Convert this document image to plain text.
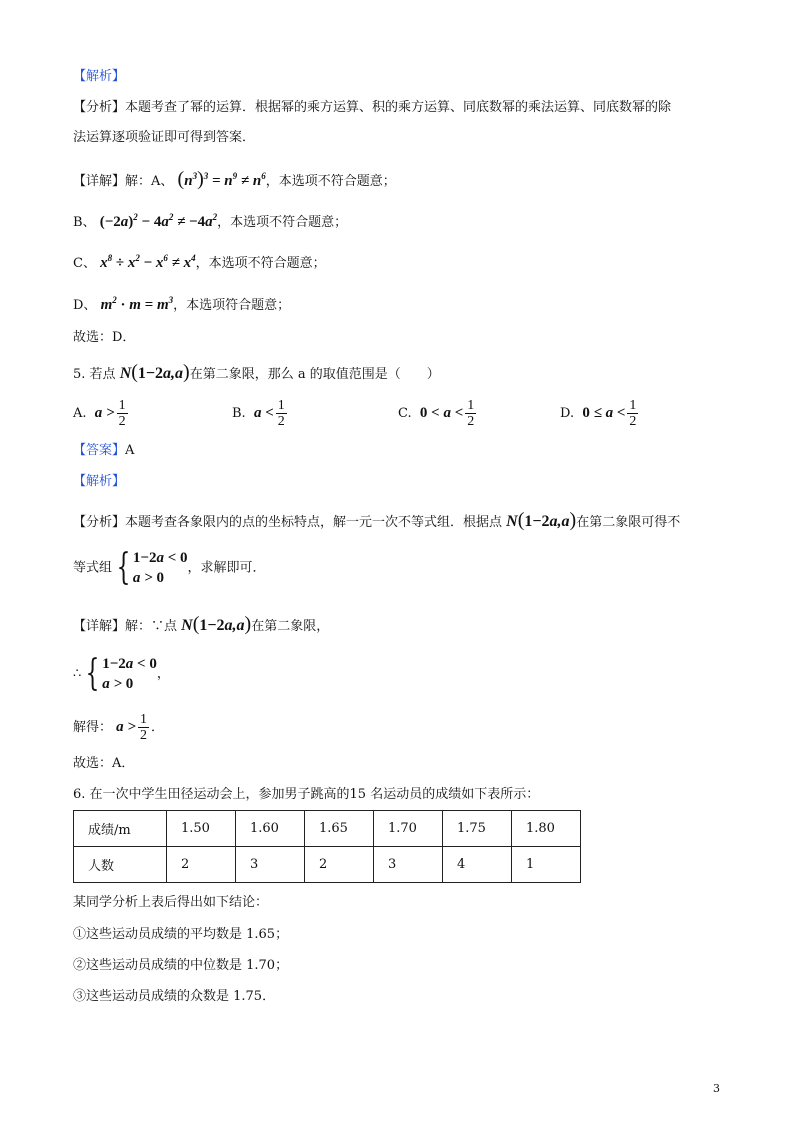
【解析】
【分析】本题考查了幂的运算．根据幂的乘方运算、积的乘方运算、同底数幂的乘法运算、同底数幂的除
法运算逐项验证即可得到答案．
【详解】解：A、 $(n^3)^3 = n^9 \ne n^6$，本选项不符合题意；
B、 $(-2a)^2 - 4a^2 \ne -4a^2$，本选项不符合题意；
C、 $x^8 \div x^2 - x^6 \ne x^4$，本选项不符合题意；
D、 $m^2 \cdot m = m^3$，本选项符合题意；
故选：D．
5. 若点 N(1−2a,a)在第二象限，那么 a 的取值范围是（　　）
A. $a > \frac{1}{2}$	B. $a < \frac{1}{2}$	C. $0 < a < \frac{1}{2}$	D. $0 \le a < \frac{1}{2}$
【答案】A
【解析】
【分析】本题考查各象限内的点的坐标特点，解一元一次不等式组．根据点 N(1−2a,a)在第二象限可得不
等式组 { 1−2a < 0
a > 0
，求解即可．
【详解】解：∵点 N(1−2a,a)在第二象限，
∴ { 1−2a < 0
a > 0
，
解得： $a > \frac{1}{2}$ ．
故选：A．
6. 在一次中学生田径运动会上，参加男子跳高的15 名运动员的成绩如下表所示：
成绩/m	1.50	1.60	1.65	1.70	1.75	1.80
人数	2	3	2	3	4	1
某同学分析上表后得出如下结论：
①这些运动员成绩的平均数是 1.65；
②这些运动员成绩的中位数是 1.70；
③这些运动员成绩的众数是 1.75．
3
